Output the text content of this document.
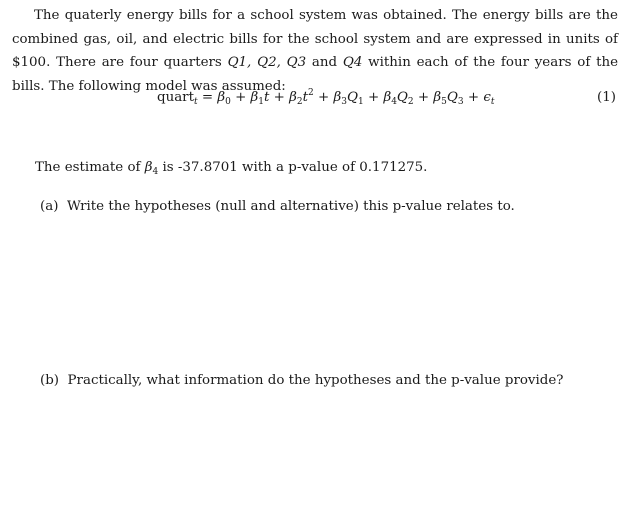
The quaterly energy bills for a school system was obtained. The energy bills are the combined gas, oil, and electric bills for the school system and are expressed in units of $100. There are four quarters Q1, Q2, Q3 and Q4 within each of the four years of the bills. The following model was assumed:

quart$_t$ = $\beta_0 + \beta_1t + \beta_2t^2 + \beta_3Q_1 + \beta_4Q_2 + \beta_5Q_3 + \epsilon_t$	(1)

The estimate of $\beta_4$ is -37.8701 with a p-value of 0.171275.

(a) Write the hypotheses (null and alternative) this p-value relates to.

(b) Practically, what information do the hypotheses and the p-value provide?
